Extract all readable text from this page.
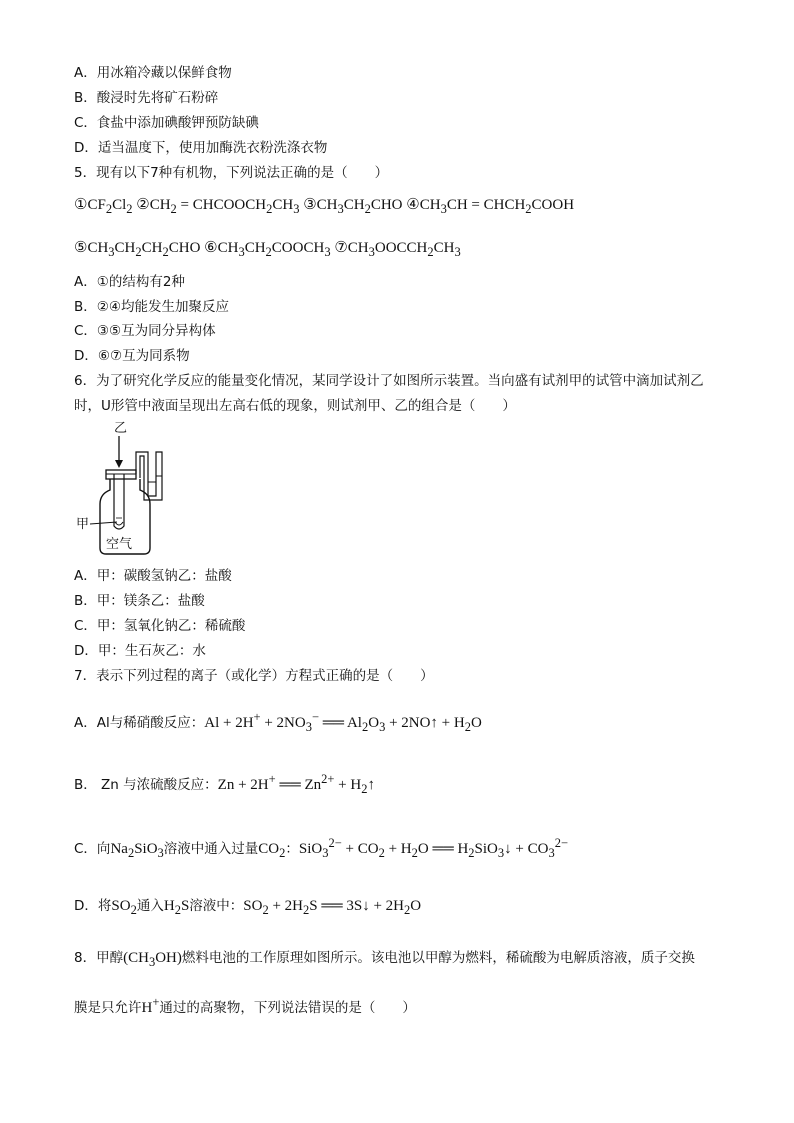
A．用冰箱冷藏以保鲜食物
B．酸浸时先将矿石粉碎
C．食盐中添加碘酸钾预防缺碘
D．适当温度下，使用加酶洗衣粉洗涤衣物
5．现有以下7种有机物，下列说法正确的是（　　）
$①CF_2Cl_2$ $②CH_2$ = $CHCOOCH_2CH_3$ $③CH_3CH_2CHO$ $④CH_3CH$ = $CHCH_2COOH$
$⑤CH_3CH_2CH_2CHO$ $⑥CH_3CH_2COOCH_3$ $⑦CH_3OOCCH_2CH_3$
A．①的结构有2种
B．②④均能发生加聚反应
C．③⑤互为同分异构体
D．⑥⑦互为同系物
6．为了研究化学反应的能量变化情况，某同学设计了如图所示装置。当向盛有试剂甲的试管中滴加试剂乙
时，U形管中液面呈现出左高右低的现象，则试剂甲、乙的组合是（　　）
乙
甲
空气
A．甲：碳酸氢钠乙：盐酸
B．甲：镁条乙：盐酸
C．甲：氢氧化钠乙：稀硫酸
D．甲：生石灰乙：水
7．表示下列过程的离子（或化学）方程式正确的是（　　）
A．Al与稀硝酸反应：$Al + 2H^+ + 2NO_3^-$ ══ $Al_2O_3$ + 2NO↑ + $H_2O$
B． Zn 与浓硫酸反应：Zn + 2H+ ══ $Zn^{2+}$ + $H_2↑$
C．向$Na_2SiO_3$溶液中通入过量$CO_2$：$SiO_3^{2-} + CO_2 + H_2O$ ══ $H_2SiO_3↓ + CO_3^{2-}$
D．将$SO_2$通入$H_2S$溶液中：$SO_2 + 2H_2S$ ══ 3S↓ + $2H_2O$
8．甲醇$(CH_3OH)$燃料电池的工作原理如图所示。该电池以甲醇为燃料，稀硫酸为电解质溶液，质子交换
膜是只允许H+通过的高聚物，下列说法错误的是（　　）
